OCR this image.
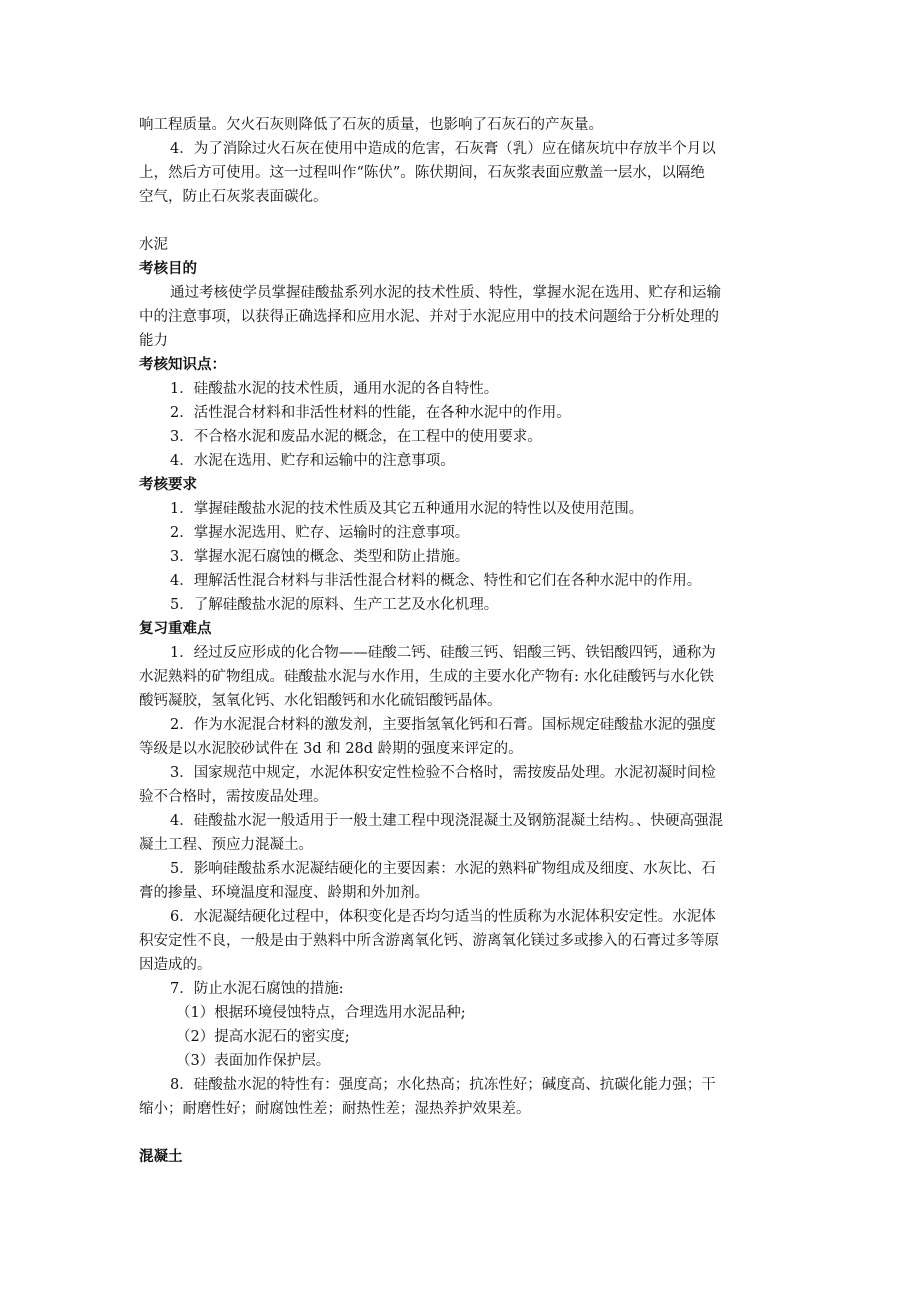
响工程质量。欠火石灰则降低了石灰的质量，也影响了石灰石的产灰量。
4．为了消除过火石灰在使用中造成的危害，石灰膏（乳）应在储灰坑中存放半个月以
上，然后方可使用。这一过程叫作“陈伏”。陈伏期间，石灰浆表面应敷盖一层水，以隔绝
空气，防止石灰浆表面碳化。
水泥
考核目的
通过考核使学员掌握硅酸盐系列水泥的技术性质、特性，掌握水泥在选用、贮存和运输
中的注意事项，以获得正确选择和应用水泥、并对于水泥应用中的技术问题给于分析处理的
能力
考核知识点：
1．硅酸盐水泥的技术性质，通用水泥的各自特性。
2．活性混合材料和非活性材料的性能，在各种水泥中的作用。
3．不合格水泥和废品水泥的概念，在工程中的使用要求。
4．水泥在选用、贮存和运输中的注意事项。
考核要求
1．掌握硅酸盐水泥的技术性质及其它五种通用水泥的特性以及使用范围。
2．掌握水泥选用、贮存、运输时的注意事项。
3．掌握水泥石腐蚀的概念、类型和防止措施。
4．理解活性混合材料与非活性混合材料的概念、特性和它们在各种水泥中的作用。
5．了解硅酸盐水泥的原料、生产工艺及水化机理。
复习重难点
1．经过反应形成的化合物——硅酸二钙、硅酸三钙、铝酸三钙、铁铝酸四钙，通称为
水泥熟料的矿物组成。硅酸盐水泥与水作用，生成的主要水化产物有: 水化硅酸钙与水化铁
酸钙凝胶，氢氧化钙、水化铝酸钙和水化硫铝酸钙晶体。
2．作为水泥混合材料的激发剂，主要指氢氧化钙和石膏。国标规定硅酸盐水泥的强度
等级是以水泥胶砂试件在 3d 和 28d 龄期的强度来评定的。
3．国家规范中规定，水泥体积安定性检验不合格时，需按废品处理。水泥初凝时间检
验不合格时，需按废品处理。
4．硅酸盐水泥一般适用于一般土建工程中现浇混凝土及钢筋混凝土结构。、快硬高强混
凝土工程、预应力混凝土。
5．影响硅酸盐系水泥凝结硬化的主要因素：水泥的熟料矿物组成及细度、水灰比、石
膏的掺量、环境温度和湿度、龄期和外加剂。
6．水泥凝结硬化过程中，体积变化是否均匀适当的性质称为水泥体积安定性。水泥体
积安定性不良，一般是由于熟料中所含游离氧化钙、游离氧化镁过多或掺入的石膏过多等原
因造成的。
7．防止水泥石腐蚀的措施:
（1）根据环境侵蚀特点，合理选用水泥品种;
（2）提高水泥石的密实度;
（3）表面加作保护层。
8．硅酸盐水泥的特性有：强度高；水化热高；抗冻性好；碱度高、抗碳化能力强；干
缩小；耐磨性好；耐腐蚀性差；耐热性差；湿热养护效果差。
混凝土
